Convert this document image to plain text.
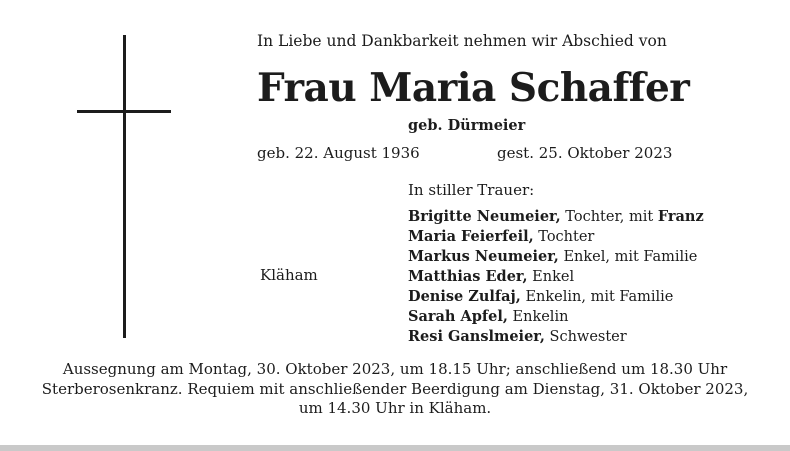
In Liebe und Dankbarkeit nehmen wir Abschied von
Frau Maria Schaffer
geb. Dürmeier
geb. 22. August 1936	gest. 25. Oktober 2023
In stiller Trauer:
Brigitte Neumeier, Tochter, mit Franz
Maria Feierfeil, Tochter
Markus Neumeier, Enkel, mit Familie
Matthias Eder, Enkel
Denise Zulfaj, Enkelin, mit Familie
Sarah Apfel, Enkelin
Resi Ganslmeier, Schwester
Kläham

Aussegnung am Montag, 30. Oktober 2023, um 18.15 Uhr; anschließend um 18.30 Uhr
Sterberosenkranz. Requiem mit anschließender Beerdigung am Dienstag, 31. Oktober 2023,
um 14.30 Uhr in Kläham.
